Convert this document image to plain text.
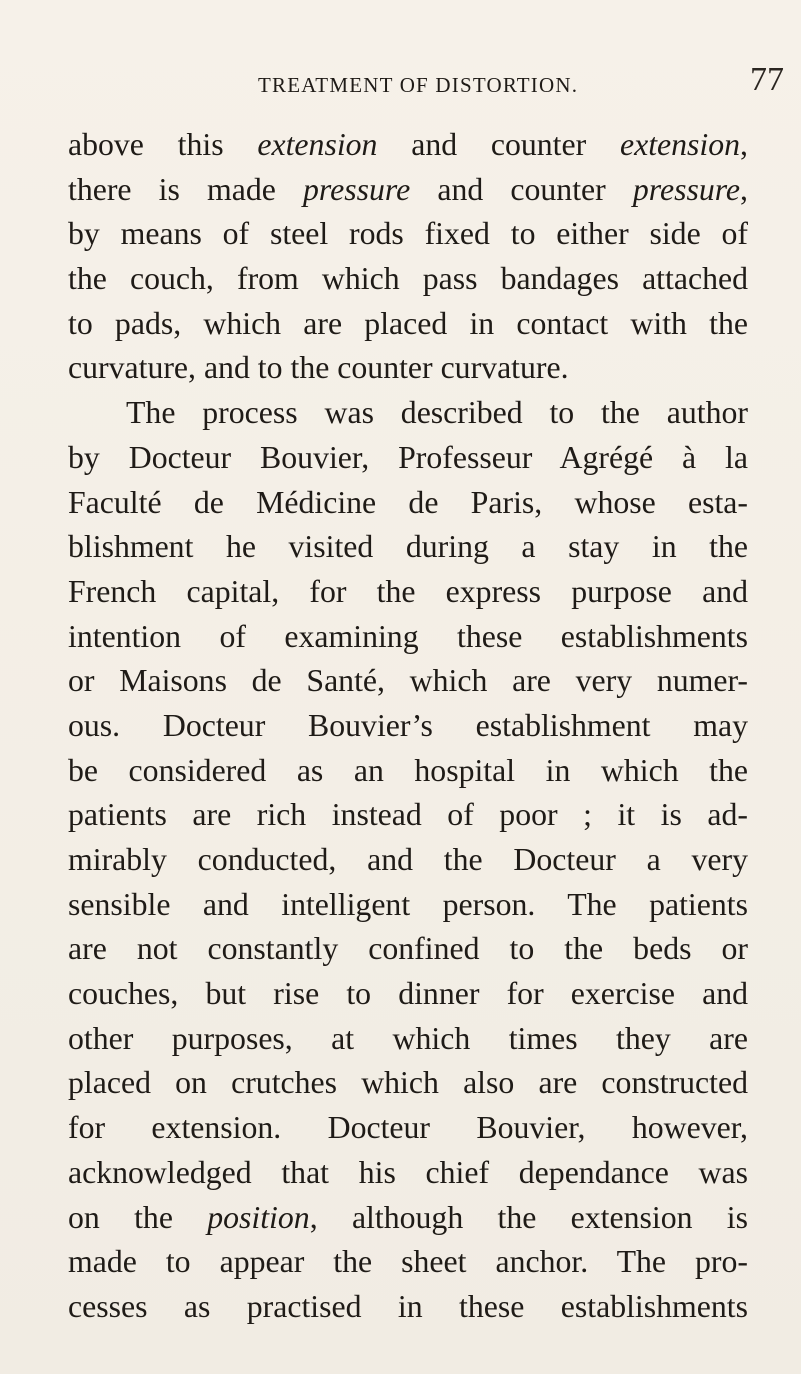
TREATMENT OF DISTORTION.	77
above this extension and counter extension,
there is made pressure and counter pressure,
by means of steel rods fixed to either side of
the couch, from which pass bandages attached
to pads, which are placed in contact with the
curvature, and to the counter curvature.
The process was described to the author
by Docteur Bouvier, Professeur Agrégé à la
Faculté de Médicine de Paris, whose esta-
blishment he visited during a stay in the
French capital, for the express purpose and
intention of examining these establishments
or Maisons de Santé, which are very numer-
ous. Docteur Bouvier’s establishment may
be considered as an hospital in which the
patients are rich instead of poor ; it is ad-
mirably conducted, and the Docteur a very
sensible and intelligent person. The patients
are not constantly confined to the beds or
couches, but rise to dinner for exercise and
other purposes, at which times they are
placed on crutches which also are constructed
for extension. Docteur Bouvier, however,
acknowledged that his chief dependance was
on the position, although the extension is
made to appear the sheet anchor. The pro-
cesses as practised in these establishments
